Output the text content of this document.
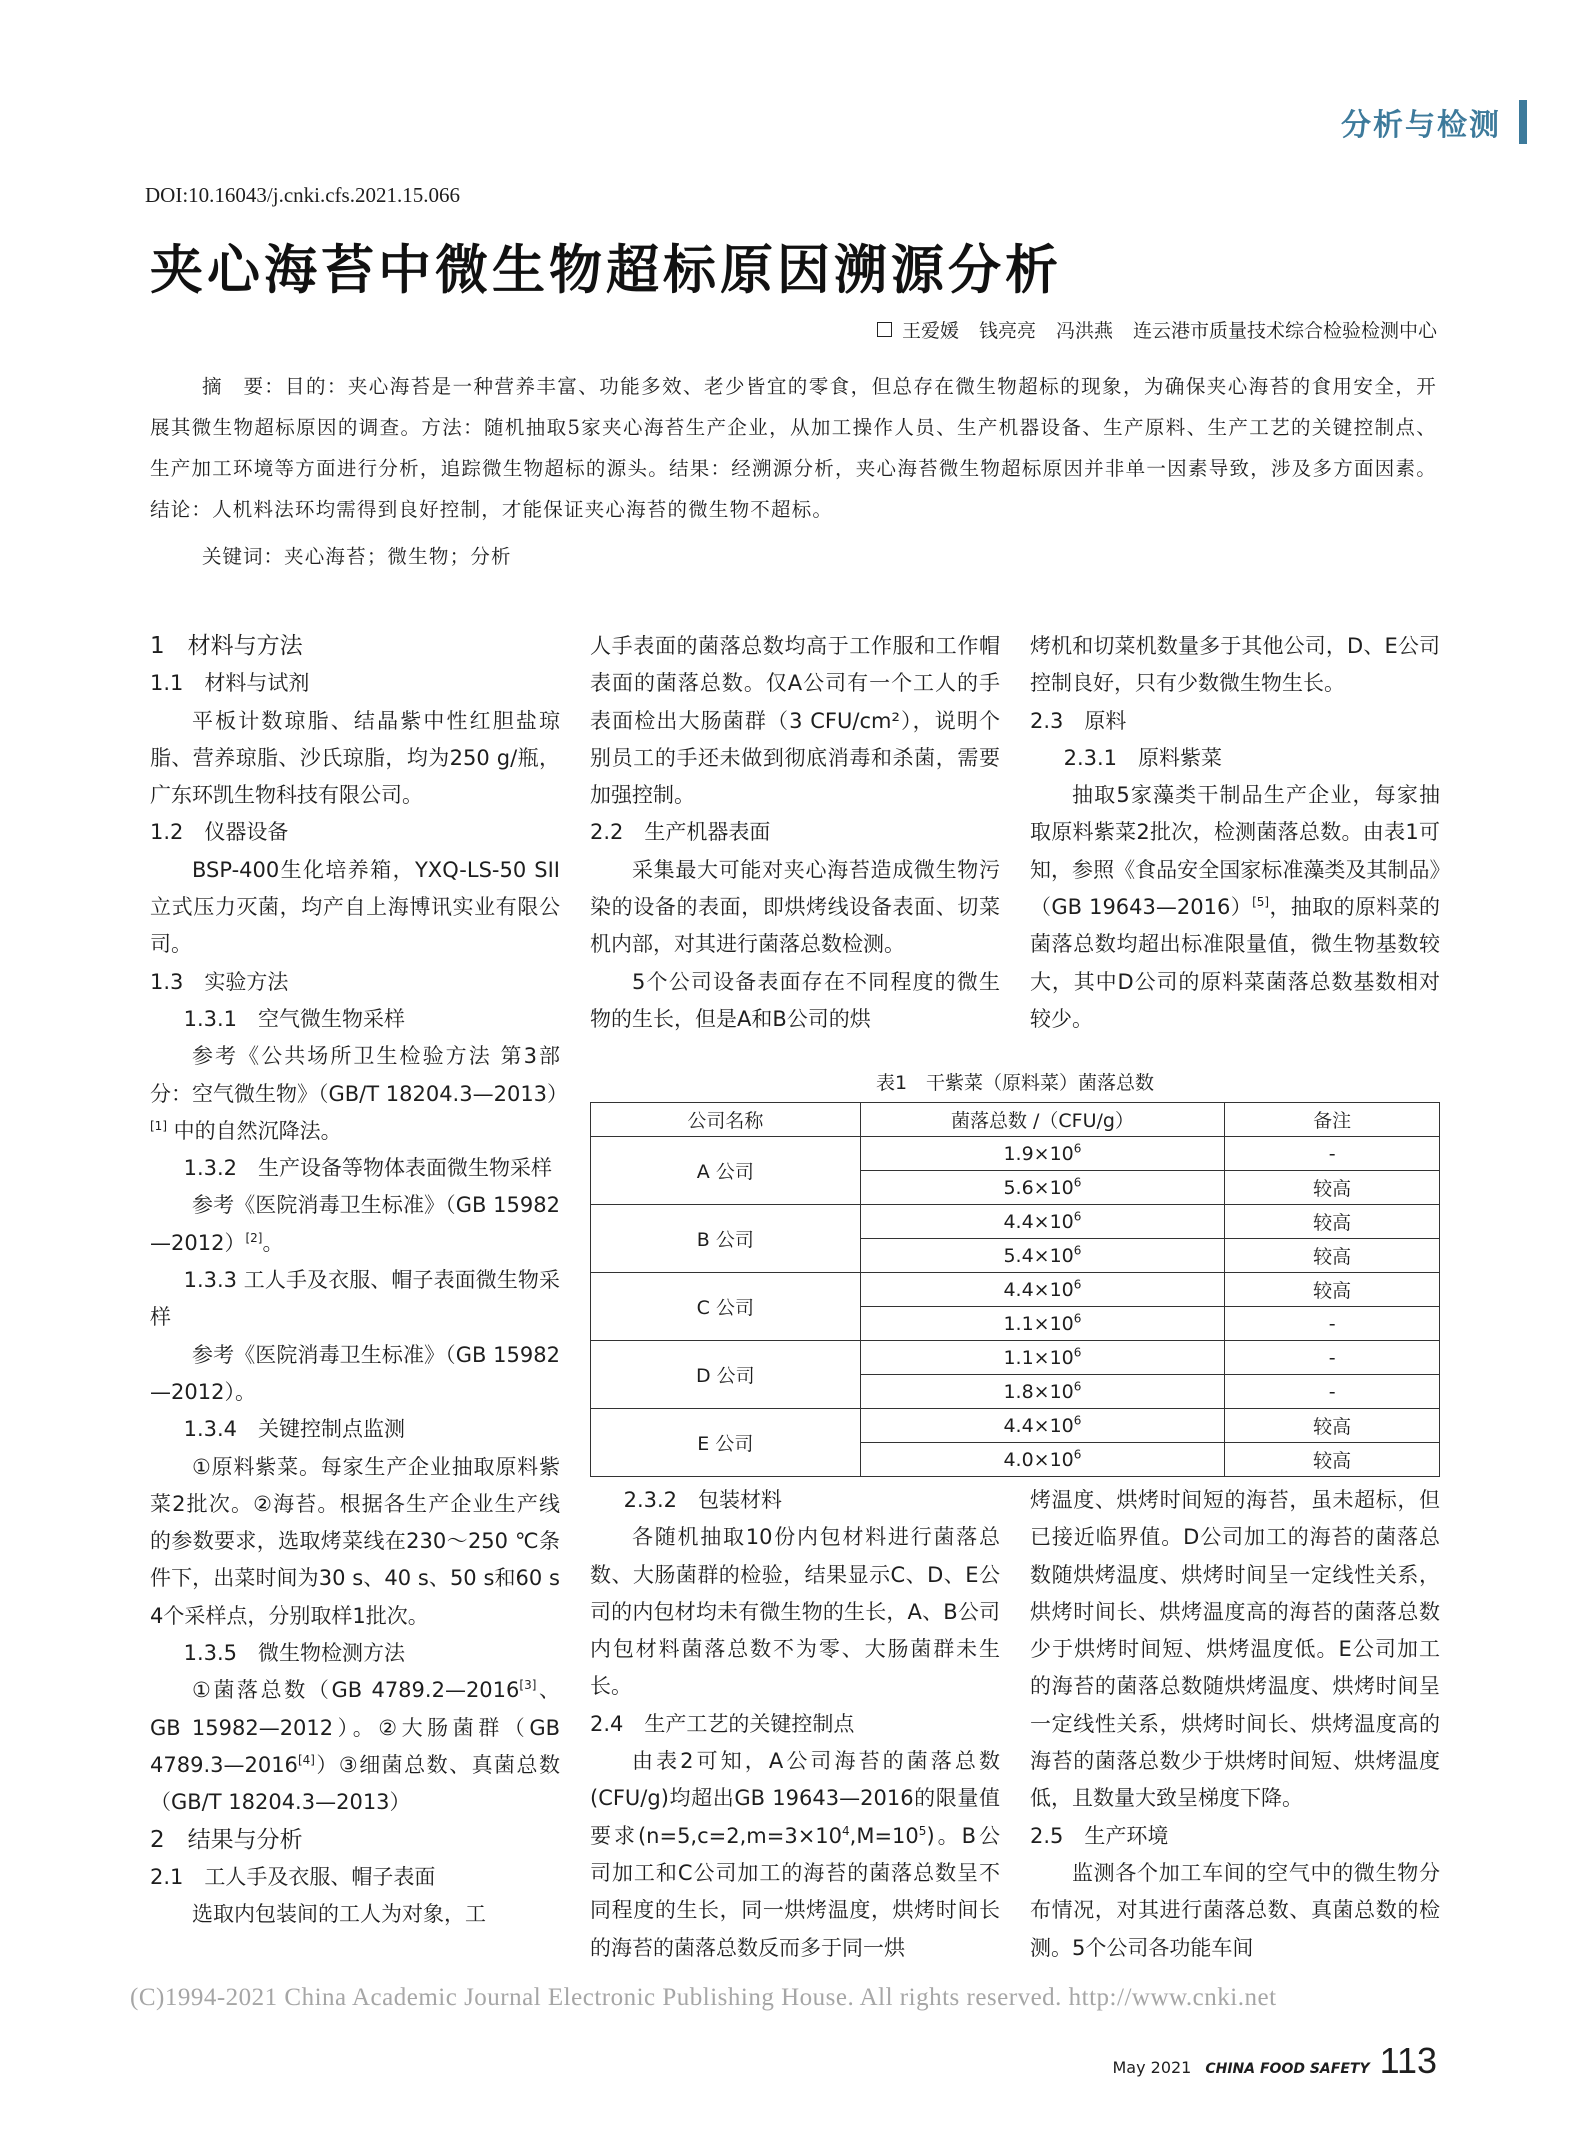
分析与检测
DOI:10.16043/j.cnki.cfs.2021.15.066
夹心海苔中微生物超标原因溯源分析
王爱媛 钱亮亮 冯洪燕 连云港市质量技术综合检验检测中心

摘　要：目的：夹心海苔是一种营养丰富、功能多效、老少皆宜的零食，但总存在微生物超标的现象，为确保夹心海苔的食用安全，开展其微生物超标原因的调查。方法：随机抽取5家夹心海苔生产企业，从加工操作人员、生产机器设备、生产原料、生产工艺的关键控制点、生产加工环境等方面进行分析，追踪微生物超标的源头。结果：经溯源分析，夹心海苔微生物超标原因并非单一因素导致，涉及多方面因素。结论：人机料法环均需得到良好控制，才能保证夹心海苔的微生物不超标。

关键词：夹心海苔；微生物；分析

1　材料与方法

1.1　材料与试剂

平板计数琼脂、结晶紫中性红胆盐琼脂、营养琼脂、沙氏琼脂，均为250 g/瓶，广东环凯生物科技有限公司。

1.2　仪器设备

BSP-400生化培养箱，YXQ-LS-50 SII立式压力灭菌，均产自上海博讯实业有限公司。

1.3　实验方法

1.3.1　空气微生物采样

参考《公共场所卫生检验方法 第3部分：空气微生物》（GB/T 18204.3—2013）[1] 中的自然沉降法。

1.3.2　生产设备等物体表面微生物采样

参考《医院消毒卫生标准》（GB 15982—2012）[2]。

1.3.3 工人手及衣服、帽子表面微生物采样

参考《医院消毒卫生标准》（GB 15982—2012）。

1.3.4　关键控制点监测

①原料紫菜。每家生产企业抽取原料紫菜2批次。②海苔。根据各生产企业生产线的参数要求，选取烤菜线在230～250 ℃条件下，出菜时间为30 s、40 s、50 s和60 s 4个采样点，分别取样1批次。

1.3.5　微生物检测方法

①菌落总数（GB 4789.2—2016[3]、GB 15982—2012）。②大肠菌群（GB 4789.3—2016[4]）③细菌总数、真菌总数（GB/T 18204.3—2013）

2　结果与分析

2.1　工人手及衣服、帽子表面

选取内包装间的工人为对象，工

人手表面的菌落总数均高于工作服和工作帽表面的菌落总数。仅A公司有一个工人的手表面检出大肠菌群（3 CFU/cm²），说明个别员工的手还未做到彻底消毒和杀菌，需要加强控制。

2.2　生产机器表面

采集最大可能对夹心海苔造成微生物污染的设备的表面，即烘烤线设备表面、切菜机内部，对其进行菌落总数检测。

5个公司设备表面存在不同程度的微生物的生长，但是A和B公司的烘

烤机和切菜机数量多于其他公司，D、E公司控制良好，只有少数微生物生长。

2.3　原料

2.3.1　原料紫菜

抽取5家藻类干制品生产企业，每家抽取原料紫菜2批次，检测菌落总数。由表1可知，参照《食品安全国家标准藻类及其制品》（GB 19643—2016）[5]，抽取的原料菜的菌落总数均超出标准限量值，微生物基数较大，其中D公司的原料菜菌落总数基数相对较少。

表1　干紫菜（原料菜）菌落总数
公司名称	菌落总数 /（CFU/g）	备注
A 公司	$1.9\times 10^6$	-
	$5.6\times 10^6$	较高
B 公司	$4.4\times 10^6$	较高
	$5.4\times 10^6$	较高
C 公司	$4.4\times 10^6$	较高
	$1.1\times 10^6$	-
D 公司	$1.1\times 10^6$	-
	$1.8\times 10^6$	-
E 公司	$4.4\times 10^6$	较高
	$4.0\times 10^6$	较高

2.3.2　包装材料

各随机抽取10份内包材料进行菌落总数、大肠菌群的检验，结果显示C、D、E公司的内包材均未有微生物的生长，A、B公司内包材料菌落总数不为零、大肠菌群未生长。

2.4　生产工艺的关键控制点

由表2可知，A公司海苔的菌落总数(CFU/g)均超出GB 19643—2016的限量值要求$(n=5,c=2,m=3\times 10^4,M=10^5)$。B公司加工和C公司加工的海苔的菌落总数呈不同程度的生长，同一烘烤温度，烘烤时间长的海苔的菌落总数反而多于同一烘

烤温度、烘烤时间短的海苔，虽未超标，但已接近临界值。D公司加工的海苔的菌落总数随烘烤温度、烘烤时间呈一定线性关系，烘烤时间长、烘烤温度高的海苔的菌落总数少于烘烤时间短、烘烤温度低。E公司加工的海苔的菌落总数随烘烤温度、烘烤时间呈一定线性关系，烘烤时间长、烘烤温度高的海苔的菌落总数少于烘烤时间短、烘烤温度低，且数量大致呈梯度下降。

2.5　生产环境

监测各个加工车间的空气中的微生物分布情况，对其进行菌落总数、真菌总数的检测。5个公司各功能车间

(C)1994-2021 China Academic Journal Electronic Publishing House. All rights reserved. http://www.cnki.net
May 2021 CHINA FOOD SAFETY 113
